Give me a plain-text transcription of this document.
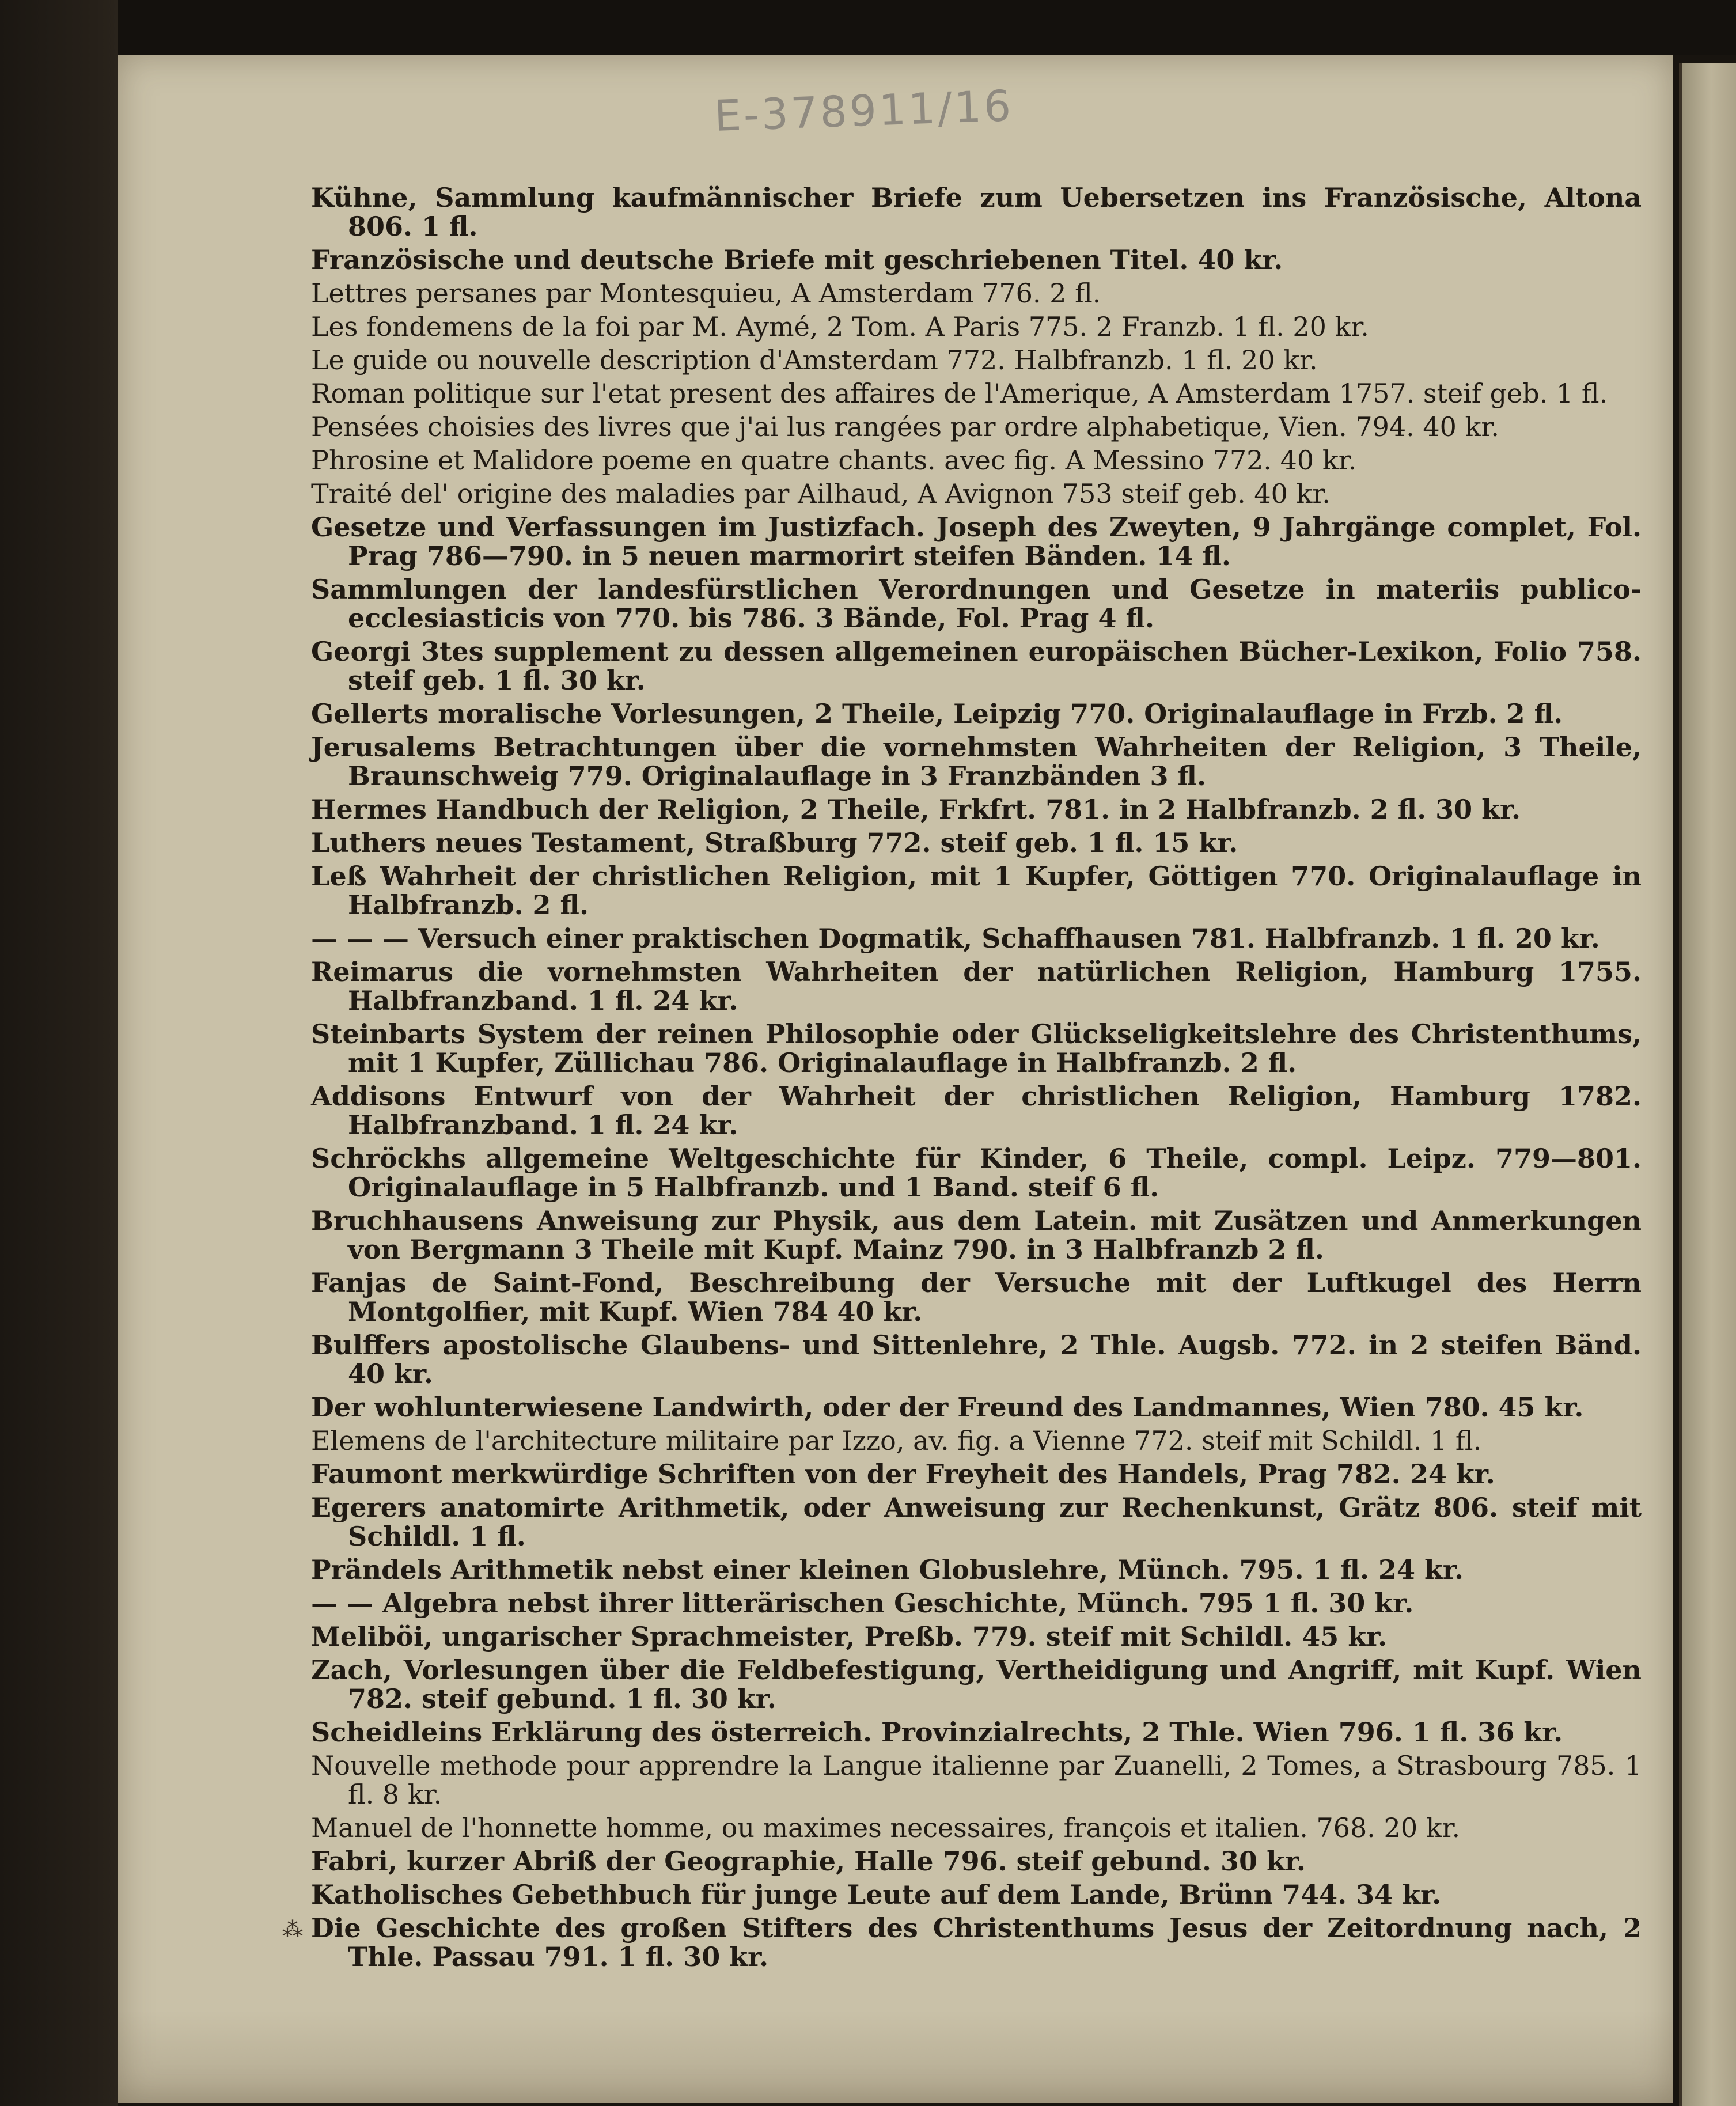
E-378911/16
Kühne, Sammlung kaufmännischer Briefe zum Uebersetzen ins Französische, Altona 806. 1 fl.
Französische und deutsche Briefe mit geschriebenen Titel. 40 kr.
Lettres persanes par Montesquieu, A Amsterdam 776. 2 fl.
Les fondemens de la foi par M. Aymé, 2 Tom. A Paris 775. 2 Franzb. 1 fl. 20 kr.
Le guide ou nouvelle description d'Amsterdam 772. Halbfranzb. 1 fl. 20 kr.
Roman politique sur l'etat present des affaires de l'Amerique, A Amsterdam 1757. steif geb. 1 fl.
Pensées choisies des livres que j'ai lus rangées par ordre alphabetique, Vien. 794. 40 kr.
Phrosine et Malidore poeme en quatre chants. avec fig. A Messino 772. 40 kr.
Traité del' origine des maladies par Ailhaud, A Avignon 753 steif geb. 40 kr.
Gesetze und Verfassungen im Justizfach. Joseph des Zweyten, 9 Jahrgänge complet, Fol. Prag 786—790. in 5 neuen marmorirt steifen Bänden. 14 fl.
Sammlungen der landesfürstlichen Verordnungen und Gesetze in materiis publico-ecclesiasticis von 770. bis 786. 3 Bände, Fol. Prag 4 fl.
Georgi 3tes supplement zu dessen allgemeinen europäischen Bücher-Lexikon, Folio 758. steif geb. 1 fl. 30 kr.
Gellerts moralische Vorlesungen, 2 Theile, Leipzig 770. Originalauflage in Frzb. 2 fl.
Jerusalems Betrachtungen über die vornehmsten Wahrheiten der Religion, 3 Theile, Braunschweig 779. Originalauflage in 3 Franzbänden 3 fl.
Hermes Handbuch der Religion, 2 Theile, Frkfrt. 781. in 2 Halbfranzb. 2 fl. 30 kr.
Luthers neues Testament, Straßburg 772. steif geb. 1 fl. 15 kr.
Leß Wahrheit der christlichen Religion, mit 1 Kupfer, Göttigen 770. Originalauflage in Halbfranzb. 2 fl.
— — — Versuch einer praktischen Dogmatik, Schaffhausen 781. Halbfranzb. 1 fl. 20 kr.
Reimarus die vornehmsten Wahrheiten der natürlichen Religion, Hamburg 1755. Halbfranzband. 1 fl. 24 kr.
Steinbarts System der reinen Philosophie oder Glückseligkeitslehre des Christenthums, mit 1 Kupfer, Züllichau 786. Originalauflage in Halbfranzb. 2 fl.
Addisons Entwurf von der Wahrheit der christlichen Religion, Hamburg 1782. Halbfranzband. 1 fl. 24 kr.
Schröckhs allgemeine Weltgeschichte für Kinder, 6 Theile, compl. Leipz. 779—801. Originalauflage in 5 Halbfranzb. und 1 Band. steif 6 fl.
Bruchhausens Anweisung zur Physik, aus dem Latein. mit Zusätzen und Anmerkungen von Bergmann 3 Theile mit Kupf. Mainz 790. in 3 Halbfranzb 2 fl.
Fanjas de Saint-Fond, Beschreibung der Versuche mit der Luftkugel des Herrn Montgolfier, mit Kupf. Wien 784 40 kr.
Bulffers apostolische Glaubens- und Sittenlehre, 2 Thle. Augsb. 772. in 2 steifen Bänd. 40 kr.
Der wohlunterwiesene Landwirth, oder der Freund des Landmannes, Wien 780. 45 kr.
Elemens de l'architecture militaire par Izzo, av. fig. a Vienne 772. steif mit Schildl. 1 fl.
Faumont merkwürdige Schriften von der Freyheit des Handels, Prag 782. 24 kr.
Egerers anatomirte Arithmetik, oder Anweisung zur Rechenkunst, Grätz 806. steif mit Schildl. 1 fl.
Prändels Arithmetik nebst einer kleinen Globuslehre, Münch. 795. 1 fl. 24 kr.
— — Algebra nebst ihrer litterärischen Geschichte, Münch. 795 1 fl. 30 kr.
Meliböi, ungarischer Sprachmeister, Preßb. 779. steif mit Schildl. 45 kr.
Zach, Vorlesungen über die Feldbefestigung, Vertheidigung und Angriff, mit Kupf. Wien 782. steif gebund. 1 fl. 30 kr.
Scheidleins Erklärung des österreich. Provinzialrechts, 2 Thle. Wien 796. 1 fl. 36 kr.
Nouvelle methode pour apprendre la Langue italienne par Zuanelli, 2 Tomes, a Strasbourg 785. 1 fl. 8 kr.
Manuel de l'honnette homme, ou maximes necessaires, françois et italien. 768. 20 kr.
Fabri, kurzer Abriß der Geographie, Halle 796. steif gebund. 30 kr.
Katholisches Gebethbuch für junge Leute auf dem Lande, Brünn 744. 34 kr.
Die Geschichte des großen Stifters des Christenthums Jesus der Zeitordnung nach, 2 Thle. Passau 791. 1 fl. 30 kr.
⁂
